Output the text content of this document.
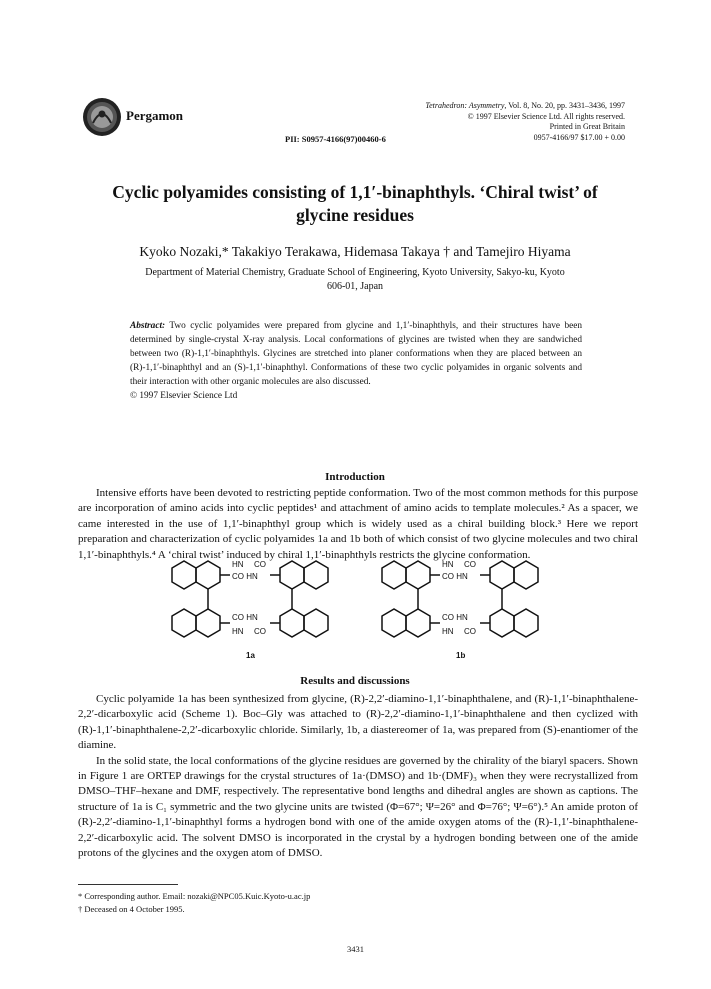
Pergamon
Tetrahedron: Asymmetry, Vol. 8, No. 20, pp. 3431–3436, 1997
© 1997 Elsevier Science Ltd. All rights reserved.
Printed in Great Britain
0957-4166/97 $17.00 + 0.00
PII: S0957-4166(97)00460-6
Cyclic polyamides consisting of 1,1′-binaphthyls. ‘Chiral twist’ of
glycine residues
Kyoko Nozaki,* Takakiyo Terakawa, Hidemasa Takaya † and Tamejiro Hiyama
Department of Material Chemistry, Graduate School of Engineering, Kyoto University, Sakyo-ku, Kyoto
606-01, Japan
Abstract: Two cyclic polyamides were prepared from glycine and 1,1′-binaphthyls, and their structures have been determined by single-crystal X-ray analysis. Local conformations of glycines are twisted when they are sandwiched between two (R)-1,1′-binaphthyls. Glycines are stretched into planer conformations when they are placed between an (R)-1,1′-binaphthyl and an (S)-1,1′-binaphthyl. Conformations of these two cyclic polyamides in organic solvents and their interaction with other organic molecules are also discussed.
© 1997 Elsevier Science Ltd
Introduction

Intensive efforts have been devoted to restricting peptide conformation. Two of the most common methods for this purpose are incorporation of amino acids into cyclic peptides¹ and attachment of amino acids to template molecules.² As a spacer, we came interested in the use of 1,1′-binaphthyl group which is widely used as a chiral building block.³ Here we report preparation and characterization of cyclic polyamides 1a and 1b both of which consist of two glycine molecules and two chiral 1,1′-binaphthyls.⁴ A ‘chiral twist’ induced by chiral 1,1′-binaphthyls restricts the glycine conformation.

HN CO
CO HN
CO HN
HN CO
HN CO
CO HN
CO HN
HN CO
1a	1b
Results and discussions

Cyclic polyamide 1a has been synthesized from glycine, (R)-2,2′-diamino-1,1′-binaphthalene, and (R)-1,1′-binaphthalene-2,2′-dicarboxylic acid (Scheme 1). Boc–Gly was attached to (R)-2,2′-diamino-1,1′-binaphthalene and then cyclized with (R)-1,1′-binaphthalene-2,2′-dicarboxylic chloride. Similarly, 1b, a diastereomer of 1a, was prepared from (S)-enantiomer of the diamine.

In the solid state, the local conformations of the glycine residues are governed by the chirality of the biaryl spacers. Shown in Figure 1 are ORTEP drawings for the crystal structures of 1a·(DMSO) and 1b·(DMF)₃ when they were recrystallized from DMSO–THF–hexane and DMF, respectively. The representative bond lengths and dihedral angles are shown as captions. The structure of 1a is C₁ symmetric and the two glycine units are twisted (Φ=67°; Ψ=26° and Φ=76°; Ψ=6°).⁵ An amide proton of (R)-2,2′-diamino-1,1′-binaphthyl forms a hydrogen bond with one of the amide oxygen atoms of the (R)-1,1′-binaphthalene-2,2′-dicarboxylic acid. The solvent DMSO is incorporated in the crystal by a hydrogen bonding between one of the amide protons of the glycines and the oxygen atom of DMSO.

* Corresponding author. Email: nozaki@NPC05.Kuic.Kyoto-u.ac.jp
† Deceased on 4 October 1995.
3431
